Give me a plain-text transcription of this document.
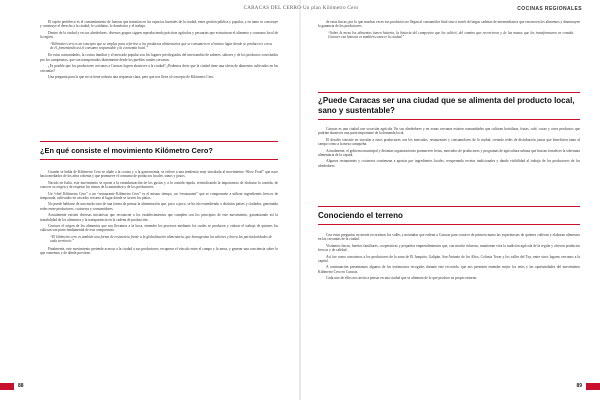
El sujeto periférico es el consentimiento de fuerzas que transitan en los espacios barriales de la ciudad, entre gestión pública y popular, y en tanto se construye y construye el derecho a la ciudad; lo cotidiano, lo doméstico y el trabajo.

Dentro de la ciudad y en sus alrededores, diversos grupos siguen reproduciendo prácticas agrícolas y pecuarias que estructuran el alimento y consumo local de la región.

“Kilómetro cero es un concepto que se emplea para referirse a los productos alimentarios que se consumen en el mismo lugar donde se producen o cerca de él, fomentando así el consumo responsable y la economía local.”

En estas comunidades, la cocina familiar y el mercado popular son los lugares privilegiados del intercambio de saberes, sabores y de los productos cosechados por los campesinos, que son transportados diariamente desde los pueblos rurales cercanos.

¿Es posible que los productores cercanos a Caracas logren abastecer a la ciudad? ¿Podemos decir que la ciudad tiene una oferta de alimentos cultivados en las cercanías?

Una pregunta para la que no se tiene todavía una respuesta clara, pero que nos lleva al concepto de Kilómetro Cero.

¿En qué consiste el movimiento Kilómetro Cero?

Cuando se habla de Kilómetro Cero se alude a la cocina y a la gastronomía, se refiere a una tendencia muy vinculada al movimiento “Slow Food” que nace hacia mediados de los años ochenta y que promueve el consumo de productos locales, sanos y justos.

Nacido en Italia, este movimiento se opone a la estandarización de los gustos y a la comida rápida, reivindicando la importancia de disfrutar la comida, de conocer su origen y de respetar los ritmos de la naturaleza y de los productores.

Un “chef Kilómetro Cero” o un “restaurante Kilómetro Cero” es el mismo tiempo, un “restaurante” que se compromete a utilizar ingredientes frescos de temporada, cultivados en un radio cercano al lugar donde se sirven los platos.

No puede hablarse de una moda sino de una forma de pensar la alimentación que, poco a poco, se ha ido extendiendo a distintos países y ciudades, generando redes entre productores, cocineros y consumidores.

Actualmente existen diversas iniciativas que reconocen a los establecimientos que cumplen con los principios de este movimiento, garantizando así la trazabilidad de los alimentos y la transparencia en la cadena de producción.

Conocer el origen de los alimentos que nos llevamos a la boca, entender los procesos mediante los cuales se producen y valorar el trabajo de quienes los cultivan son parte fundamental de este compromiso.

“El kilómetro cero es también una forma de resistencia frente a la globalización alimentaria, que homogeniza los sabores y borra las particularidades de cada territorio.”

Finalmente, este movimiento pretende acercar a la ciudad a sus productores, recuperar el vínculo entre el campo y la mesa, y generar una conciencia sobre lo que comemos y de dónde proviene.

88
CARACAS DEL CERRO·Un plan Kilómetro Cero	COCINAS REGIONALES

de estas fincas, por lo que muchas veces sus productos no llegan al consumidor final sino a través de largas cadenas de intermediarios que encarecen los alimentos y disminuyen la ganancia de los productores.

“Sobre la mesa los alimentos tienen historia, la historia del campesino que los cultivó, del camino que recorrieron y de las manos que los transformaron en comida. Conocer esa historia es también conocer la ciudad.”

¿Puede Caracas ser una ciudad que se alimenta del producto local, sano y sustentable?

Caracas es una ciudad con vocación agrícola. En sus alrededores y en zonas cercanas existen comunidades que cultivan hortalizas, frutas, café, cacao y otros productos que podrían abastecer una parte importante de la demanda local.

El desafío consiste en vincular a estos productores con los mercados, restaurantes y consumidores de la ciudad, creando redes de distribución justas que beneficien tanto al campo como a la mesa caraqueña.

Actualmente, el gobierno municipal y distintas organizaciones promueven ferias, mercados de productores y programas de agricultura urbana que buscan fortalecer la soberanía alimentaria de la capital.

Algunos restaurantes y cocineros comienzan a apostar por ingredientes locales, recuperando recetas tradicionales y dando visibilidad al trabajo de los productores de los alrededores.

Conociendo el terreno

Con estas preguntas en mente recorrimos los valles y montañas que rodean a Caracas para conocer de primera mano las experiencias de quienes cultivan y elaboran alimentos en las cercanías de la ciudad.

Visitamos fincas, huertos familiares, cooperativas y pequeños emprendimientos que, con mucho esfuerzo, mantienen viva la tradición agrícola de la región y ofrecen productos frescos y de calidad.

Así fue como conocimos a los productores de la zona de El Junquito, Galipán, San Antonio de los Altos, Colonia Tovar y los valles del Tuy, entre otros lugares cercanos a la capital.

A continuación presentamos algunos de los testimonios recogidos durante este recorrido, que nos permiten entender mejor los retos y las oportunidades del movimiento Kilómetro Cero en Caracas.

Cada uno de ellos nos invita a pensar en una ciudad que se alimenta de lo que produce su propio entorno.

89
